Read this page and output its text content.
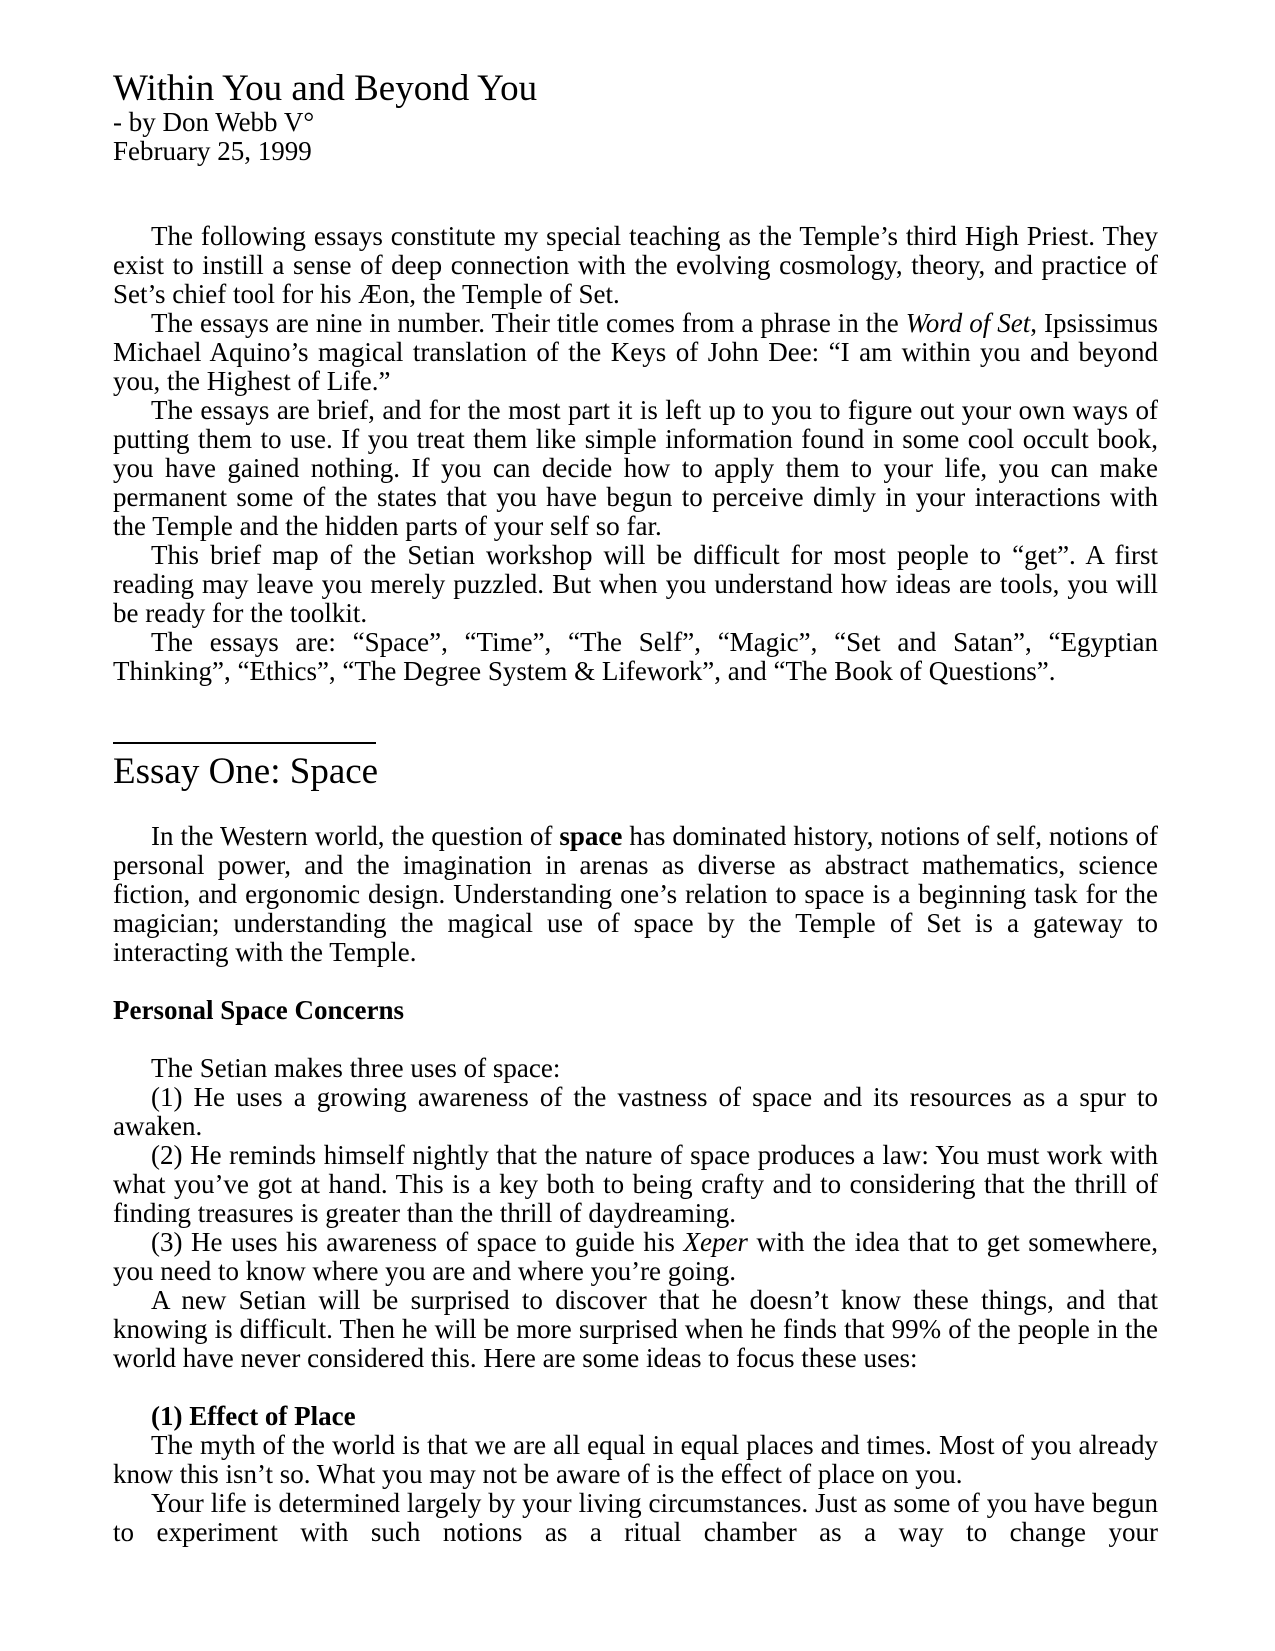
Within You and Beyond You
- by Don Webb V°
February 25, 1999

The following essays constitute my special teaching as the Temple’s third High Priest. They exist to instill a sense of deep connection with the evolving cosmology, theory, and practice of Set’s chief tool for his Æon, the Temple of Set.

The essays are nine in number. Their title comes from a phrase in the Word of Set, Ipsissimus Michael Aquino’s magical translation of the Keys of John Dee: “I am within you and beyond you, the Highest of Life.”

The essays are brief, and for the most part it is left up to you to figure out your own ways of putting them to use. If you treat them like simple information found in some cool occult book, you have gained nothing. If you can decide how to apply them to your life, you can make permanent some of the states that you have begun to perceive dimly in your interactions with the Temple and the hidden parts of your self so far.

This brief map of the Setian workshop will be difficult for most people to “get”. A first reading may leave you merely puzzled. But when you understand how ideas are tools, you will be ready for the toolkit.

The essays are: “Space”, “Time”, “The Self”, “Magic”, “Set and Satan”, “Egyptian Thinking”, “Ethics”, “The Degree System & Lifework”, and “The Book of Questions”.

Essay One: Space

In the Western world, the question of space has dominated history, notions of self, notions of personal power, and the imagination in arenas as diverse as abstract mathematics, science fiction, and ergonomic design. Understanding one’s relation to space is a beginning task for the magician; understanding the magical use of space by the Temple of Set is a gateway to interacting with the Temple.

Personal Space Concerns

The Setian makes three uses of space:

(1) He uses a growing awareness of the vastness of space and its resources as a spur to awaken.

(2) He reminds himself nightly that the nature of space produces a law: You must work with what you’ve got at hand. This is a key both to being crafty and to considering that the thrill of finding treasures is greater than the thrill of daydreaming.

(3) He uses his awareness of space to guide his Xeper with the idea that to get somewhere, you need to know where you are and where you’re going.

A new Setian will be surprised to discover that he doesn’t know these things, and that knowing is difficult. Then he will be more surprised when he finds that 99% of the people in the world have never considered this. Here are some ideas to focus these uses:

(1) Effect of Place

The myth of the world is that we are all equal in equal places and times. Most of you already know this isn’t so. What you may not be aware of is the effect of place on you.

Your life is determined largely by your living circumstances. Just as some of you have begun to experiment with such notions as a ritual chamber as a way to change your
